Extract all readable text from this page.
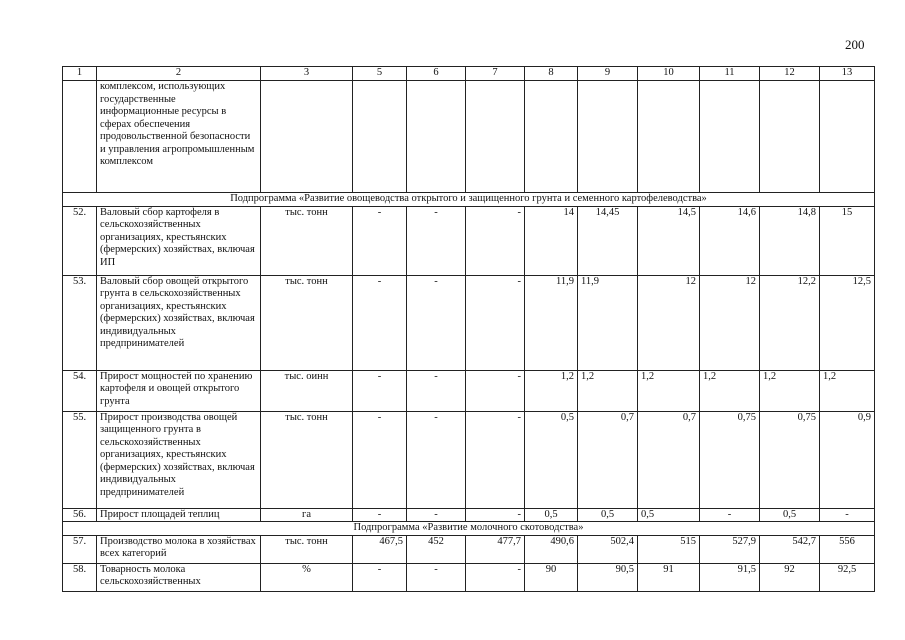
200
1	2	3	5	6	7	8	9	10	11	12	13
	комплексом, использующих государственные информационные ресурсы в сферах обеспечения продовольственной безопасности и управления агропромышленным комплексом										
Подпрограмма «Развитие овощеводства открытого и защищенного грунта и семенного картофелеводства»											
52.	Валовый сбор картофеля в сельскохозяйственных организациях, крестьянских (фермерских) хозяйствах, включая ИП	тыс. тонн	-	-	-	14	14,45	14,5	14,6	14,8	15
53.	Валовый сбор овощей открытого грунта в сельскохозяйственных организациях, крестьянских (фермерских) хозяйствах, включая индивидуальных предпринимателей	тыс. тонн	-	-	-	11,9	11,9	12	12	12,2	12,5
54.	Прирост мощностей по хранению картофеля и овощей открытого грунта	тыс. оинн	-	-	-	1,2	1,2	1,2	1,2	1,2	1,2
55.	Прирост производства овощей защищенного грунта в сельскохозяйственных организациях, крестьянских (фермерских) хозяйствах, включая индивидуальных предпринимателей	тыс. тонн	-	-	-	0,5	0,7	0,7	0,75	0,75	0,9
56.	Прирост площадей теплиц	га	-	-	-	0,5	0,5	0,5	-	0,5	-
Подпрограмма «Развитие молочного скотоводства»											
57.	Производство молока в хозяйствах всех категорий	тыс. тонн	467,5	452	477,7	490,6	502,4	515	527,9	542,7	556
58.	Товарность молока сельскохозяйственных	%	-	-	-	90	90,5	91	91,5	92	92,5
